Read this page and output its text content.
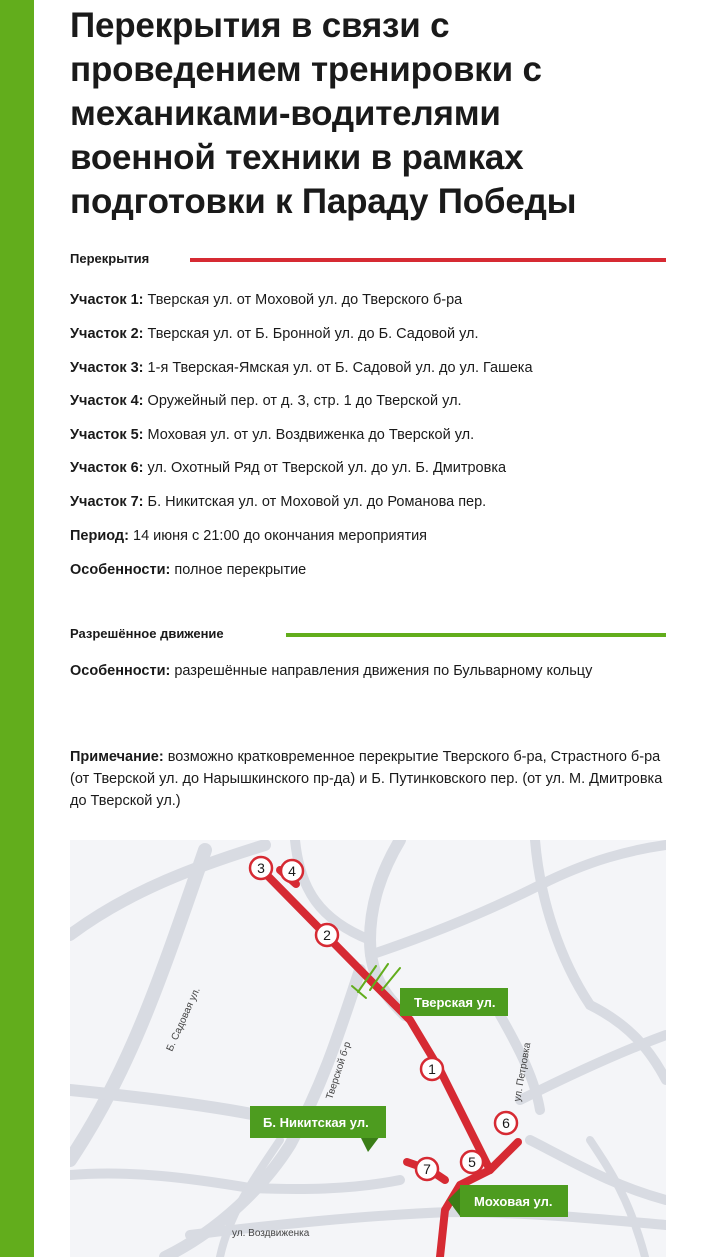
Перекрытия в связи с
проведением тренировки с
механиками-водителями
военной техники в рамках
подготовки к Параду Победы
Перекрытия
Участок 1: Тверская ул. от Моховой ул. до Тверского б-ра
Участок 2: Тверская ул. от Б. Бронной ул. до Б. Садовой ул.
Участок 3: 1-я Тверская-Ямская ул. от Б. Садовой ул. до ул. Гашека
Участок 4: Оружейный пер. от д. 3, стр. 1 до Тверской ул.
Участок 5: Моховая ул. от ул. Воздвиженка до Тверской ул.
Участок 6: ул. Охотный Ряд от Тверской ул. до ул. Б. Дмитровка
Участок 7: Б. Никитская ул. от Моховой ул. до Романова пер.
Период: 14 июня с 21:00 до окончания мероприятия
Особенности: полное перекрытие
Разрешённое движение
Особенности: разрешённые направления движения по Бульварному кольцу
Примечание: возможно кратковременное перекрытие Тверского б-ра, Страстного б-ра (от Тверской ул. до Нарышкинского пр-да) и Б. Путинковского пер. (от ул. М. Дмитровка до Тверской ул.)
Б. Садовая ул.
Тверской б-р	ул. Петровка
ул. Воздвиженка
Тверская ул.
Б. Никитская ул.
Моховая ул.
3 4
2
1
6
5
7
